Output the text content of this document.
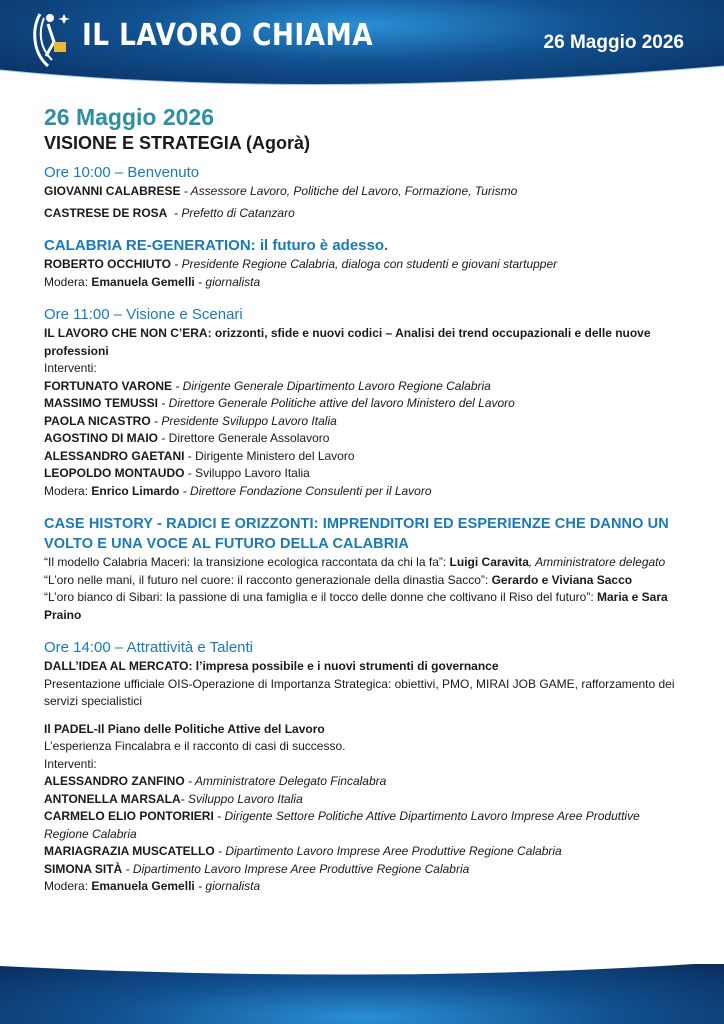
IL LAVORO CHIAMA	26 Maggio 2026
26 Maggio 2026
VISIONE E STRATEGIA (Agorà)
Ore 10:00 – Benvenuto
GIOVANNI CALABRESE - Assessore Lavoro, Politiche del Lavoro, Formazione, Turismo
CASTRESE DE ROSA  - Prefetto di Catanzaro
CALABRIA RE-GENERATION: il futuro è adesso.
ROBERTO OCCHIUTO - Presidente Regione Calabria, dialoga con studenti e giovani startupper
Modera: Emanuela Gemelli - giornalista
Ore 11:00 – Visione e Scenari
IL LAVORO CHE NON C’ERA: orizzonti, sfide e nuovi codici – Analisi dei trend occupazionali e delle nuove professioni
Interventi:
FORTUNATO VARONE - Dirigente Generale Dipartimento Lavoro Regione Calabria
MASSIMO TEMUSSI - Direttore Generale Politiche attive del lavoro Ministero del Lavoro
PAOLA NICASTRO - Presidente Sviluppo Lavoro Italia
AGOSTINO DI MAIO - Direttore Generale Assolavoro
ALESSANDRO GAETANI - Dirigente Ministero del Lavoro
LEOPOLDO MONTAUDO - Sviluppo Lavoro Italia
Modera: Enrico Limardo - Direttore Fondazione Consulenti per il Lavoro
CASE HISTORY - RADICI E ORIZZONTI: IMPRENDITORI ED ESPERIENZE CHE DANNO UN VOLTO E UNA VOCE AL FUTURO DELLA CALABRIA
“Il modello Calabria Maceri: la transizione ecologica raccontata da chi la fa”: Luigi Caravita, Amministratore delegato
“L’oro nelle mani, il futuro nel cuore: il racconto generazionale della dinastia Sacco”: Gerardo e Viviana Sacco
“L’oro bianco di Sibari: la passione di una famiglia e il tocco delle donne che coltivano il Riso del futuro”: Maria e Sara Praino
Ore 14:00 – Attrattività e Talenti
DALL’IDEA AL MERCATO: l’impresa possibile e i nuovi strumenti di governance
Presentazione ufficiale OIS-Operazione di Importanza Strategica: obiettivi, PMO, MIRAI JOB GAME, rafforzamento dei servizi specialistici
Il PADEL-Il Piano delle Politiche Attive del Lavoro
L’esperienza Fincalabra e il racconto di casi di successo.
Interventi:
ALESSANDRO ZANFINO - Amministratore Delegato Fincalabra
ANTONELLA MARSALA- Sviluppo Lavoro Italia
CARMELO ELIO PONTORIERI - Dirigente Settore Politiche Attive Dipartimento Lavoro Imprese Aree Produttive Regione Calabria
MARIAGRAZIA MUSCATELLO - Dipartimento Lavoro Imprese Aree Produttive Regione Calabria
SIMONA SITÀ - Dipartimento Lavoro Imprese Aree Produttive Regione Calabria
Modera: Emanuela Gemelli - giornalista
